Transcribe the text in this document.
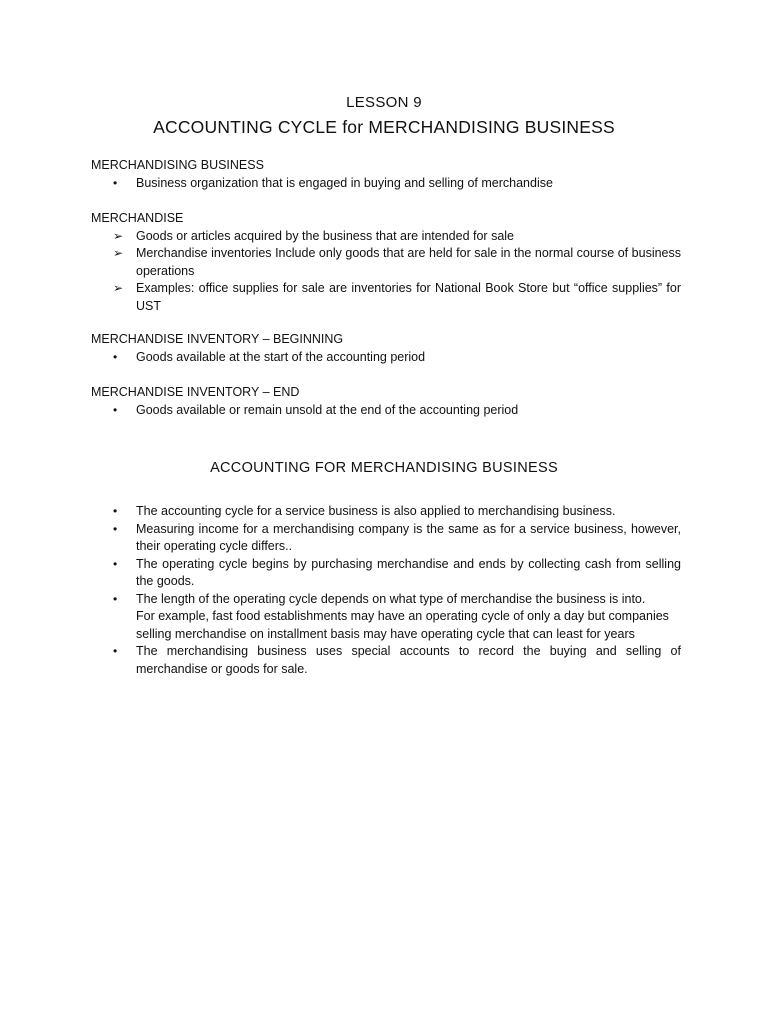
LESSON 9
ACCOUNTING CYCLE for MERCHANDISING BUSINESS
MERCHANDISING BUSINESS
•	Business organization that is engaged in buying and selling of merchandise
MERCHANDISE
➢	Goods or articles acquired by the business that are intended for sale
➢	Merchandise inventories Include only goods that are held for sale in the normal course of business operations
➢	Examples: office supplies for sale are inventories for National Book Store but “office supplies” for UST
MERCHANDISE INVENTORY – BEGINNING
•	Goods available at the start of the accounting period
MERCHANDISE INVENTORY – END
•	Goods available or remain unsold at the end of the accounting period
ACCOUNTING FOR MERCHANDISING BUSINESS
•	The accounting cycle for a service business is also applied to merchandising business.
•	Measuring income for a merchandising company is the same as for a service business, however, their operating cycle differs..
•	The operating cycle begins by purchasing merchandise and ends by collecting cash from selling the goods.
•	The length of the operating cycle depends on what type of merchandise the business is into.
For example, fast food establishments may have an operating cycle of only a day but companies
selling merchandise on installment basis may have operating cycle that can least for years
•	The merchandising business uses special accounts to record the buying and selling of merchandise or goods for sale.
